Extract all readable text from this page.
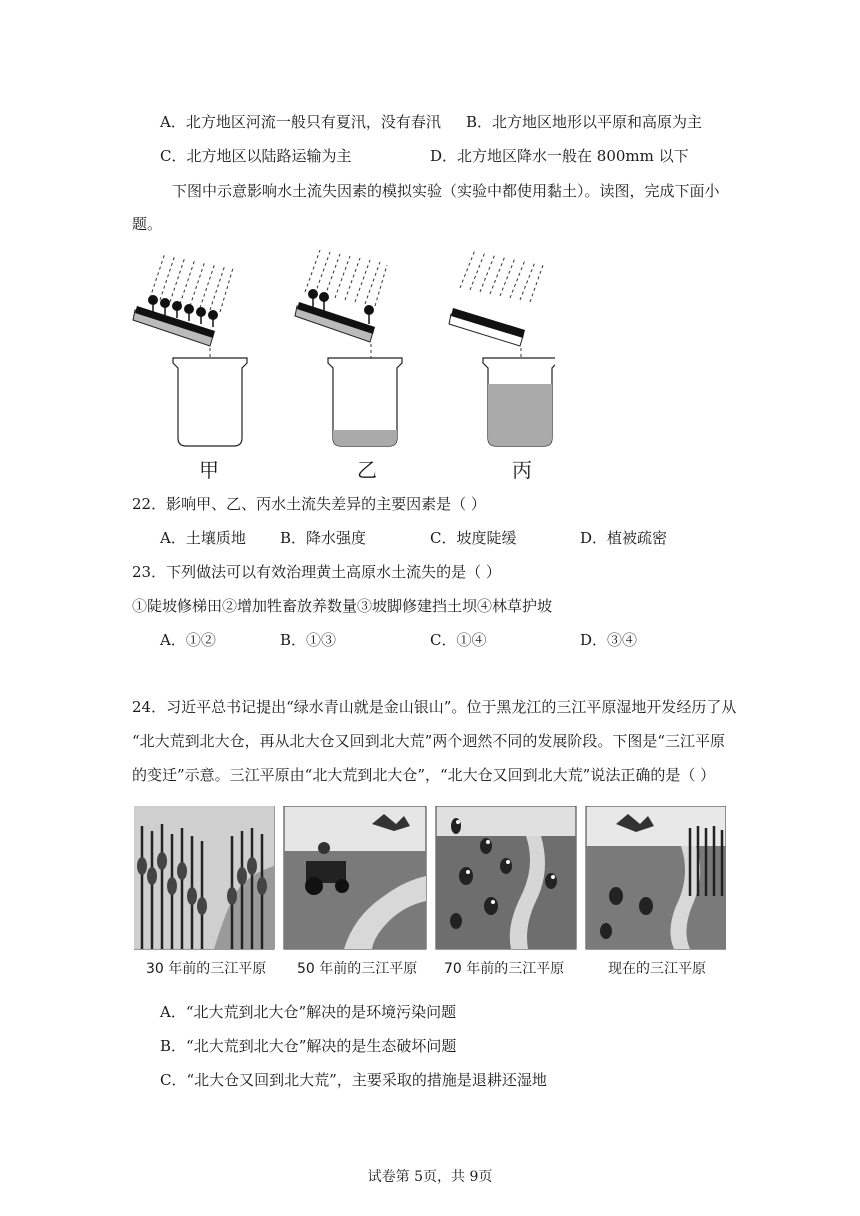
A．北方地区河流一般只有夏汛，没有春汛 B．北方地区地形以平原和高原为主
C．北方地区以陆路运输为主	D．北方地区降水一般在 800mm 以下
下图中示意影响水土流失因素的模拟实验（实验中都使用黏土）。读图，完成下面小
题。
甲	乙	丙
22．影响甲、乙、丙水土流失差异的主要因素是（ ）
A．土壤质地 B．降水强度	C．坡度陡缓	D．植被疏密
23．下列做法可以有效治理黄土高原水土流失的是（ ）
①陡坡修梯田②增加牲畜放养数量③坡脚修建挡土坝④林草护坡
A．①②	B．①③	C．①④	D．③④
24．习近平总书记提出“绿水青山就是金山银山”。位于黑龙江的三江平原湿地开发经历了从
“北大荒到北大仓，再从北大仓又回到北大荒”两个迥然不同的发展阶段。下图是“三江平原
的变迁”示意。三江平原由“北大荒到北大仓”，“北大仓又回到北大荒”说法正确的是（ ）
30 年前的三江平原 50 年前的三江平原 70 年前的三江平原	现在的三江平原
A．“北大荒到北大仓”解决的是环境污染问题
B．“北大荒到北大仓”解决的是生态破坏问题
C．“北大仓又回到北大荒”，主要采取的措施是退耕还湿地
试卷第 5页，共 9页
